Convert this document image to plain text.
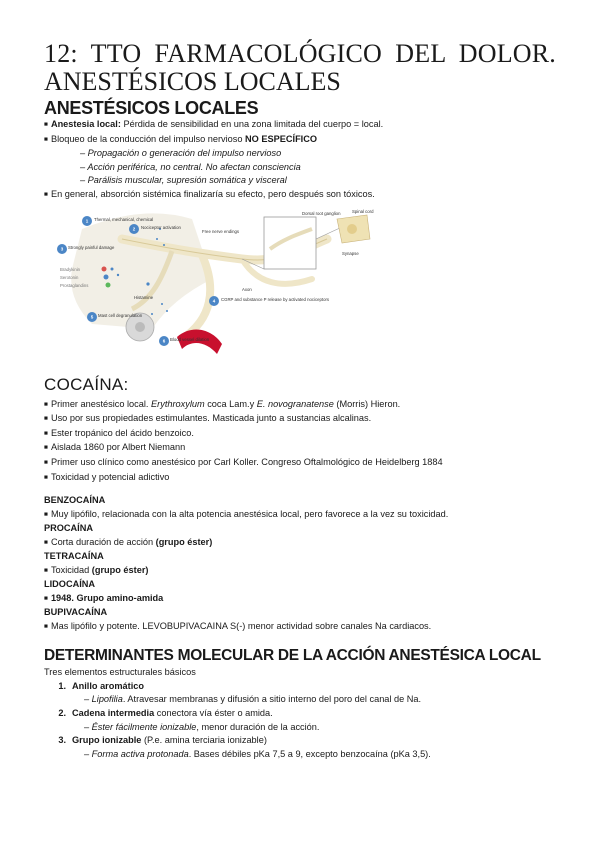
12: TTO FARMACOLÓGICO DEL DOLOR.

ANESTÉSICOS LOCALES

ANESTÉSICOS LOCALES

■ Anestesia local: Pérdida de sensibilidad en una zona limitada del cuerpo = local.

■ Bloqueo de la conducción del impulso nervioso NO ESPECÍFICO

– Propagación o generación del impulso nervioso

– Acción periférica, no central. No afectan consciencia

– Parálisis muscular, supresión somática y visceral

■ En general, absorción sistémica finalizaría su efecto, pero después son tóxicos.

1
2
3
4
5
6
Thermal, mechanical, chemical
Nociceptor activation
Free nerve endings
Strongly painful damage
Bradykinin
Serotonin
Prostaglandins
Histamine
Axon
CGRP and substance P release by activated nociceptors
Mast cell degranulation
Blood vessel dilation
Dorsal root ganglion	Spinal cord
Synapse
COCAÍNA:

■ Primer anestésico local. Erythroxylum coca Lam.y E. novogranatense (Morris) Hieron.

■ Uso por sus propiedades estimulantes. Masticada junto a sustancias alcalinas.

■ Ester tropánico del ácido benzoico.

■ Aislada 1860 por Albert Niemann

■ Primer uso clínico como anestésico por Carl Koller. Congreso Oftalmológico de Heidelberg 1884

■ Toxicidad y potencial adictivo

BENZOCAÍNA

■ Muy lipófilo, relacionada con la alta potencia anestésica local, pero favorece a la vez su toxicidad.

PROCAÍNA

■ Corta duración de acción (grupo éster)

TETRACAÍNA

■ Toxicidad (grupo éster)

LIDOCAÍNA

■ 1948. Grupo amino-amida

BUPIVACAÍNA

■ Mas lipófilo y potente. LEVOBUPIVACAINA S(-) menor actividad sobre canales Na cardiacos.

DETERMINANTES MOLECULAR DE LA ACCIÓN ANESTÉSICA LOCAL

Tres elementos estructurales básicos

1. Anillo aromático

– Lipofilia. Atravesar membranas y difusión a sitio interno del poro del canal de Na.

2. Cadena intermedia conectora vía éster o amida.

– Éster fácilmente ionizable, menor duración de la acción.

3. Grupo ionizable (P.e. amina terciaria ionizable)

– Forma activa protonada. Bases débiles pKa 7,5 a 9, excepto benzocaína (pKa 3,5).
